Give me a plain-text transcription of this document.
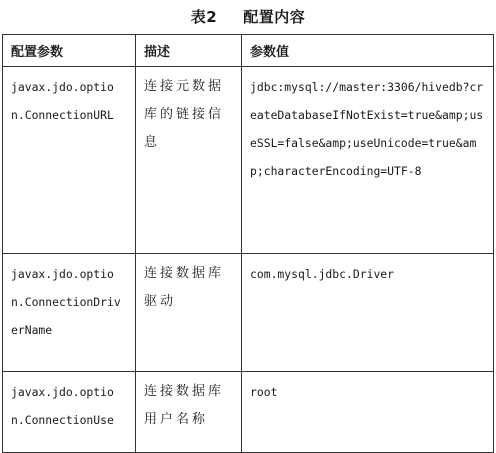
表2 配置内容
配置参数	描述	参数值
javax.jdo.option.ConnectionURL	连接元数据库的链接信息	jdbc:mysql://master:3306/hivedb?createDatabaseIfNotExist=true&amp;useSSL=false&amp;useUnicode=true&amp;characterEncoding=UTF-8
javax.jdo.option.ConnectionDriverName	连接数据库驱动	com.mysql.jdbc.Driver
javax.jdo.option.ConnectionUse	连接数据库用户名称	root
